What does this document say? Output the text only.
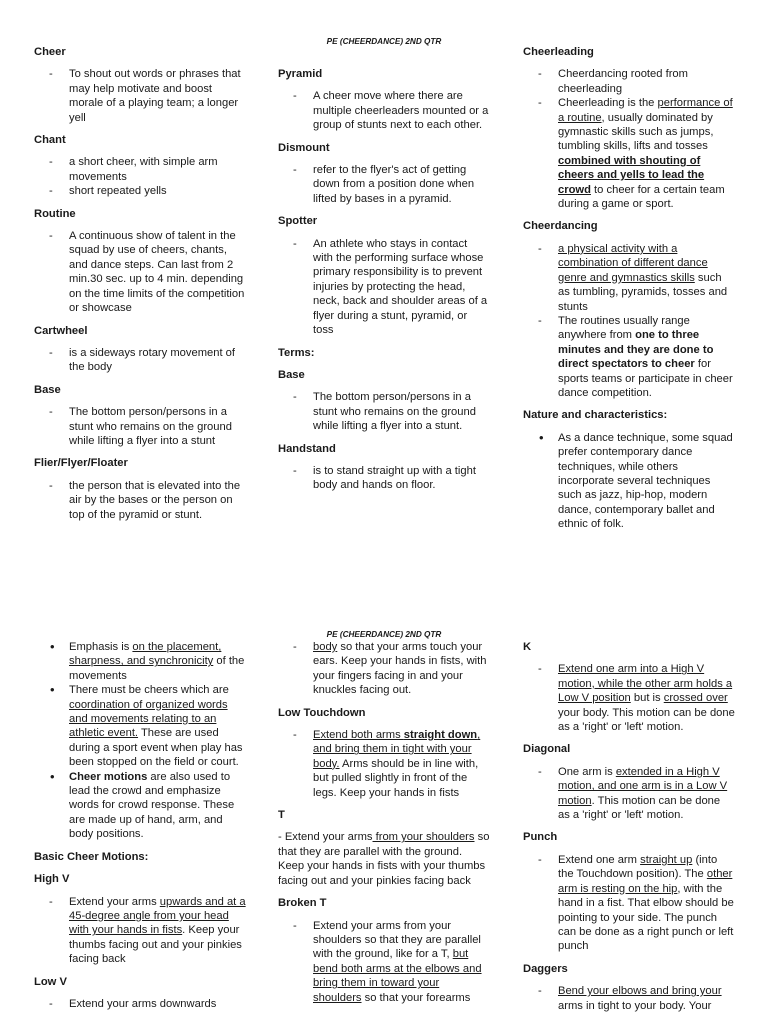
PE (CHEERDANCE) 2ND QTR
Cheer
- To shout out words or phrases that may help motivate and boost morale of a playing team; a longer yell
Chant
- a short cheer, with simple arm movements
- short repeated yells
Routine
- A continuous show of talent in the squad by use of cheers, chants, and dance steps. Can last from 2 min.30 sec. up to 4 min. depending on the time limits of the competition or showcase
Cartwheel
- is a sideways rotary movement of the body
Base
- The bottom person/persons in a stunt who remains on the ground while lifting a flyer into a stunt
Flier/Flyer/Floater
- the person that is elevated into the air by the bases or the person on top of the pyramid or stunt.
Pyramid
- A cheer move where there are multiple cheerleaders mounted or a group of stunts next to each other.
Dismount
- refer to the flyer's act of getting down from a position done when lifted by bases in a pyramid.
Spotter
- An athlete who stays in contact with the performing surface whose primary responsibility is to prevent injuries by protecting the head, neck, back and shoulder areas of a flyer during a stunt, pyramid, or toss
Terms:
Base
- The bottom person/persons in a stunt who remains on the ground while lifting a flyer into a stunt.
Handstand
- is to stand straight up with a tight body and hands on floor.
Cheerleading
- Cheerdancing rooted from cheerleading
- Cheerleading is the performance of a routine, usually dominated by gymnastic skills such as jumps, tumbling skills, lifts and tosses combined with shouting of cheers and yells to lead the crowd to cheer for a certain team during a game or sport.
Cheerdancing
- a physical activity with a combination of different dance genre and gymnastics skills such as tumbling, pyramids, tosses and stunts
- The routines usually range anywhere from one to three minutes and they are done to direct spectators to cheer for sports teams or participate in cheer dance competition.
Nature and characteristics:
• As a dance technique, some squad prefer contemporary dance techniques, while others incorporate several techniques such as jazz, hip-hop, modern dance, contemporary ballet and ethnic of folk.
PE (CHEERDANCE) 2ND QTR
• Emphasis is on the placement, sharpness, and synchronicity of the movements
• There must be cheers which are coordination of organized words and movements relating to an athletic event. These are used during a sport event when play has been stopped on the field or court.
• Cheer motions are also used to lead the crowd and emphasize words for crowd response. These are made up of hand, arm, and body positions.
Basic Cheer Motions:
High V
- Extend your arms upwards and at a 45-degree angle from your head with your hands in fists. Keep your thumbs facing out and your pinkies facing back
Low V
- Extend your arms downwards
- body so that your arms touch your ears. Keep your hands in fists, with your fingers facing in and your knuckles facing out.
Low Touchdown
- Extend both arms straight down, and bring them in tight with your body. Arms should be in line with, but pulled slightly in front of the legs. Keep your hands in fists
T
- Extend your arms from your shoulders so that they are parallel with the ground. Keep your hands in fists with your thumbs facing out and your pinkies facing back
Broken T
- Extend your arms from your shoulders so that they are parallel with the ground, like for a T, but bend both arms at the elbows and bring them in toward your shoulders so that your forearms
K
- Extend one arm into a High V motion, while the other arm holds a Low V position but is crossed over your body. This motion can be done as a 'right' or 'left' motion.
Diagonal
- One arm is extended in a High V motion, and one arm is in a Low V motion. This motion can be done as a 'right' or 'left' motion.
Punch
- Extend one arm straight up (into the Touchdown position). The other arm is resting on the hip, with the hand in a fist. That elbow should be pointing to your side. The punch can be done as a right punch or left punch
Daggers
- Bend your elbows and bring your
arms in tight to your body. Your
